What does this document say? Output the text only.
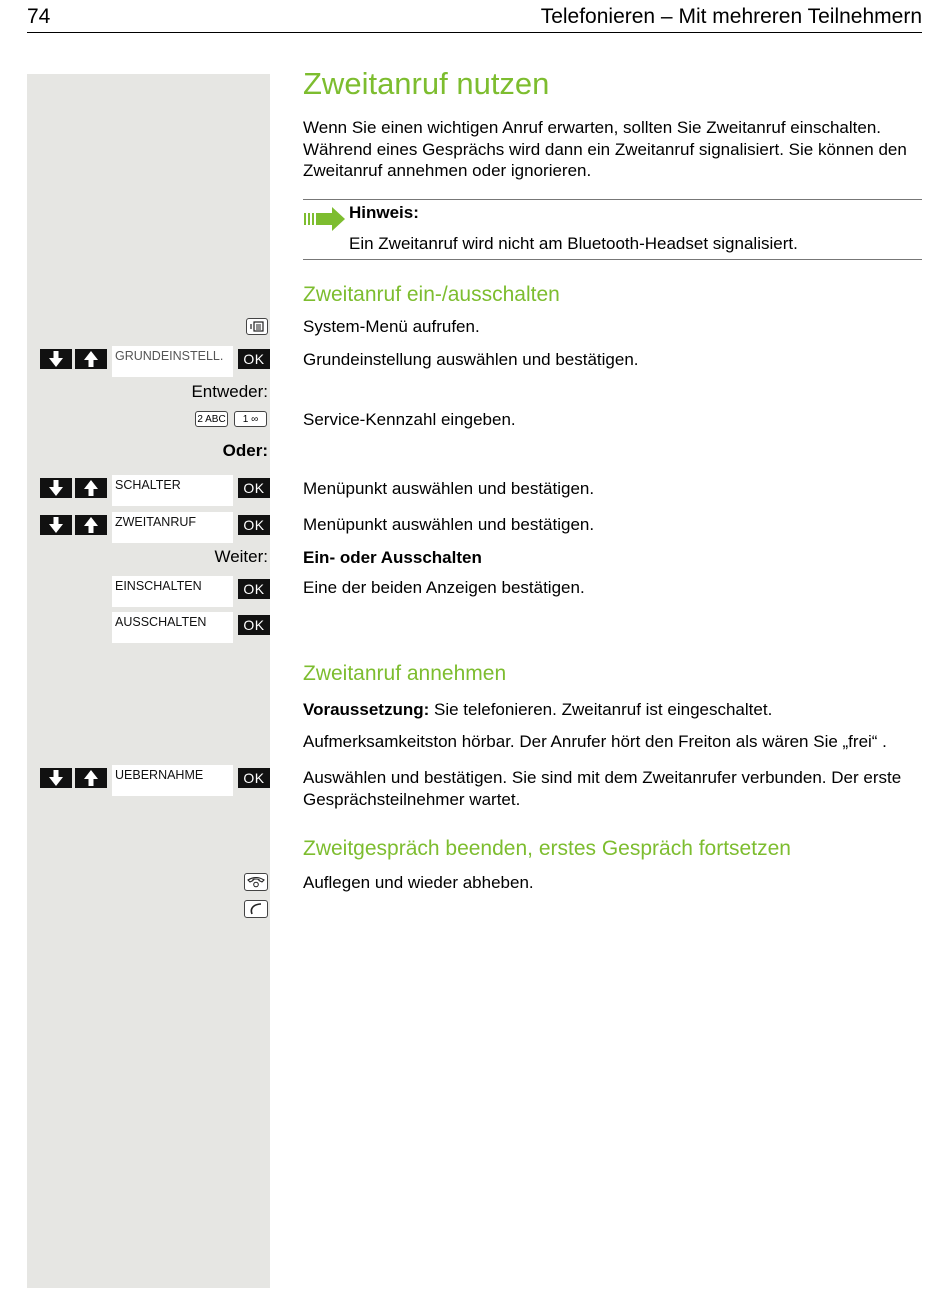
74	Telefonieren – Mit mehreren Teilnehmern
Zweitanruf nutzen
Wenn Sie einen wichtigen Anruf erwarten, sollten Sie Zweitanruf einschalten. Während eines Gesprächs wird dann ein Zweitanruf signalisiert. Sie können den Zweitanruf annehmen oder ignorieren.
Hinweis:
Ein Zweitanruf wird nicht am Bluetooth-Headset signalisiert.
Zweitanruf ein-/ausschalten
System-Menü aufrufen.
GRUNDEINSTELL.	OK	Grundeinstellung auswählen und bestätigen.
Entweder:
2 ABC	1 ∞	Service-Kennzahl eingeben.
Oder:
SCHALTER	OK	Menüpunkt auswählen und bestätigen.
ZWEITANRUF	OK	Menüpunkt auswählen und bestätigen.
Weiter: Ein- oder Ausschalten
EINSCHALTEN	OK	Eine der beiden Anzeigen bestätigen.
AUSSCHALTEN	OK
Zweitanruf annehmen
Voraussetzung: Sie telefonieren. Zweitanruf ist eingeschaltet.
Aufmerksamkeitston hörbar. Der Anrufer hört den Freiton als wären Sie „frei“ .
UEBERNAHME	OK	Auswählen und bestätigen. Sie sind mit dem Zweitanrufer verbunden. Der erste Gesprächsteilnehmer wartet.
Zweitgespräch beenden, erstes Gespräch fortsetzen
Auflegen und wieder abheben.
